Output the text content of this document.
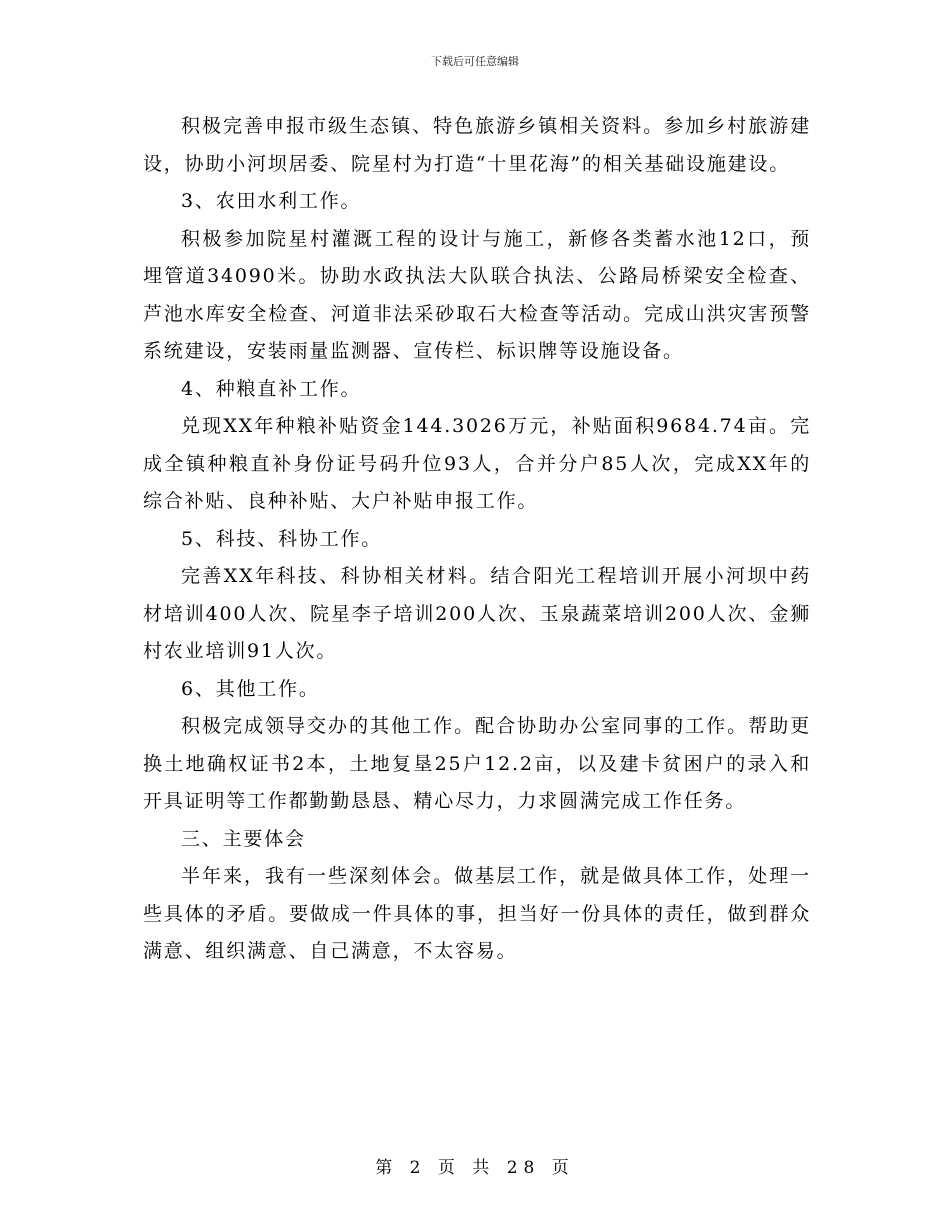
下载后可任意编辑

积极完善申报市级生态镇、特色旅游乡镇相关资料。参加乡村旅游建设，协助小河坝居委、院星村为打造“十里花海”的相关基础设施建设。

3、农田水利工作。

积极参加院星村灌溉工程的设计与施工，新修各类蓄水池12口，预埋管道34090米。协助水政执法大队联合执法、公路局桥梁安全检查、芦池水库安全检查、河道非法采砂取石大检查等活动。完成山洪灾害预警系统建设，安装雨量监测器、宣传栏、标识牌等设施设备。

4、种粮直补工作。

兑现XX年种粮补贴资金144.3026万元，补贴面积9684.74亩。完成全镇种粮直补身份证号码升位93人，合并分户85人次，完成XX年的综合补贴、良种补贴、大户补贴申报工作。

5、科技、科协工作。

完善XX年科技、科协相关材料。结合阳光工程培训开展小河坝中药材培训400人次、院星李子培训200人次、玉泉蔬菜培训200人次、金狮村农业培训91人次。

6、其他工作。

积极完成领导交办的其他工作。配合协助办公室同事的工作。帮助更换土地确权证书2本，土地复垦25户12.2亩，以及建卡贫困户的录入和开具证明等工作都勤勤恳恳、精心尽力，力求圆满完成工作任务。

三、主要体会

半年来，我有一些深刻体会。做基层工作，就是做具体工作，处理一些具体的矛盾。要做成一件具体的事，担当好一份具体的责任，做到群众满意、组织满意、自己满意，不太容易。

第 2 页 共 28 页
